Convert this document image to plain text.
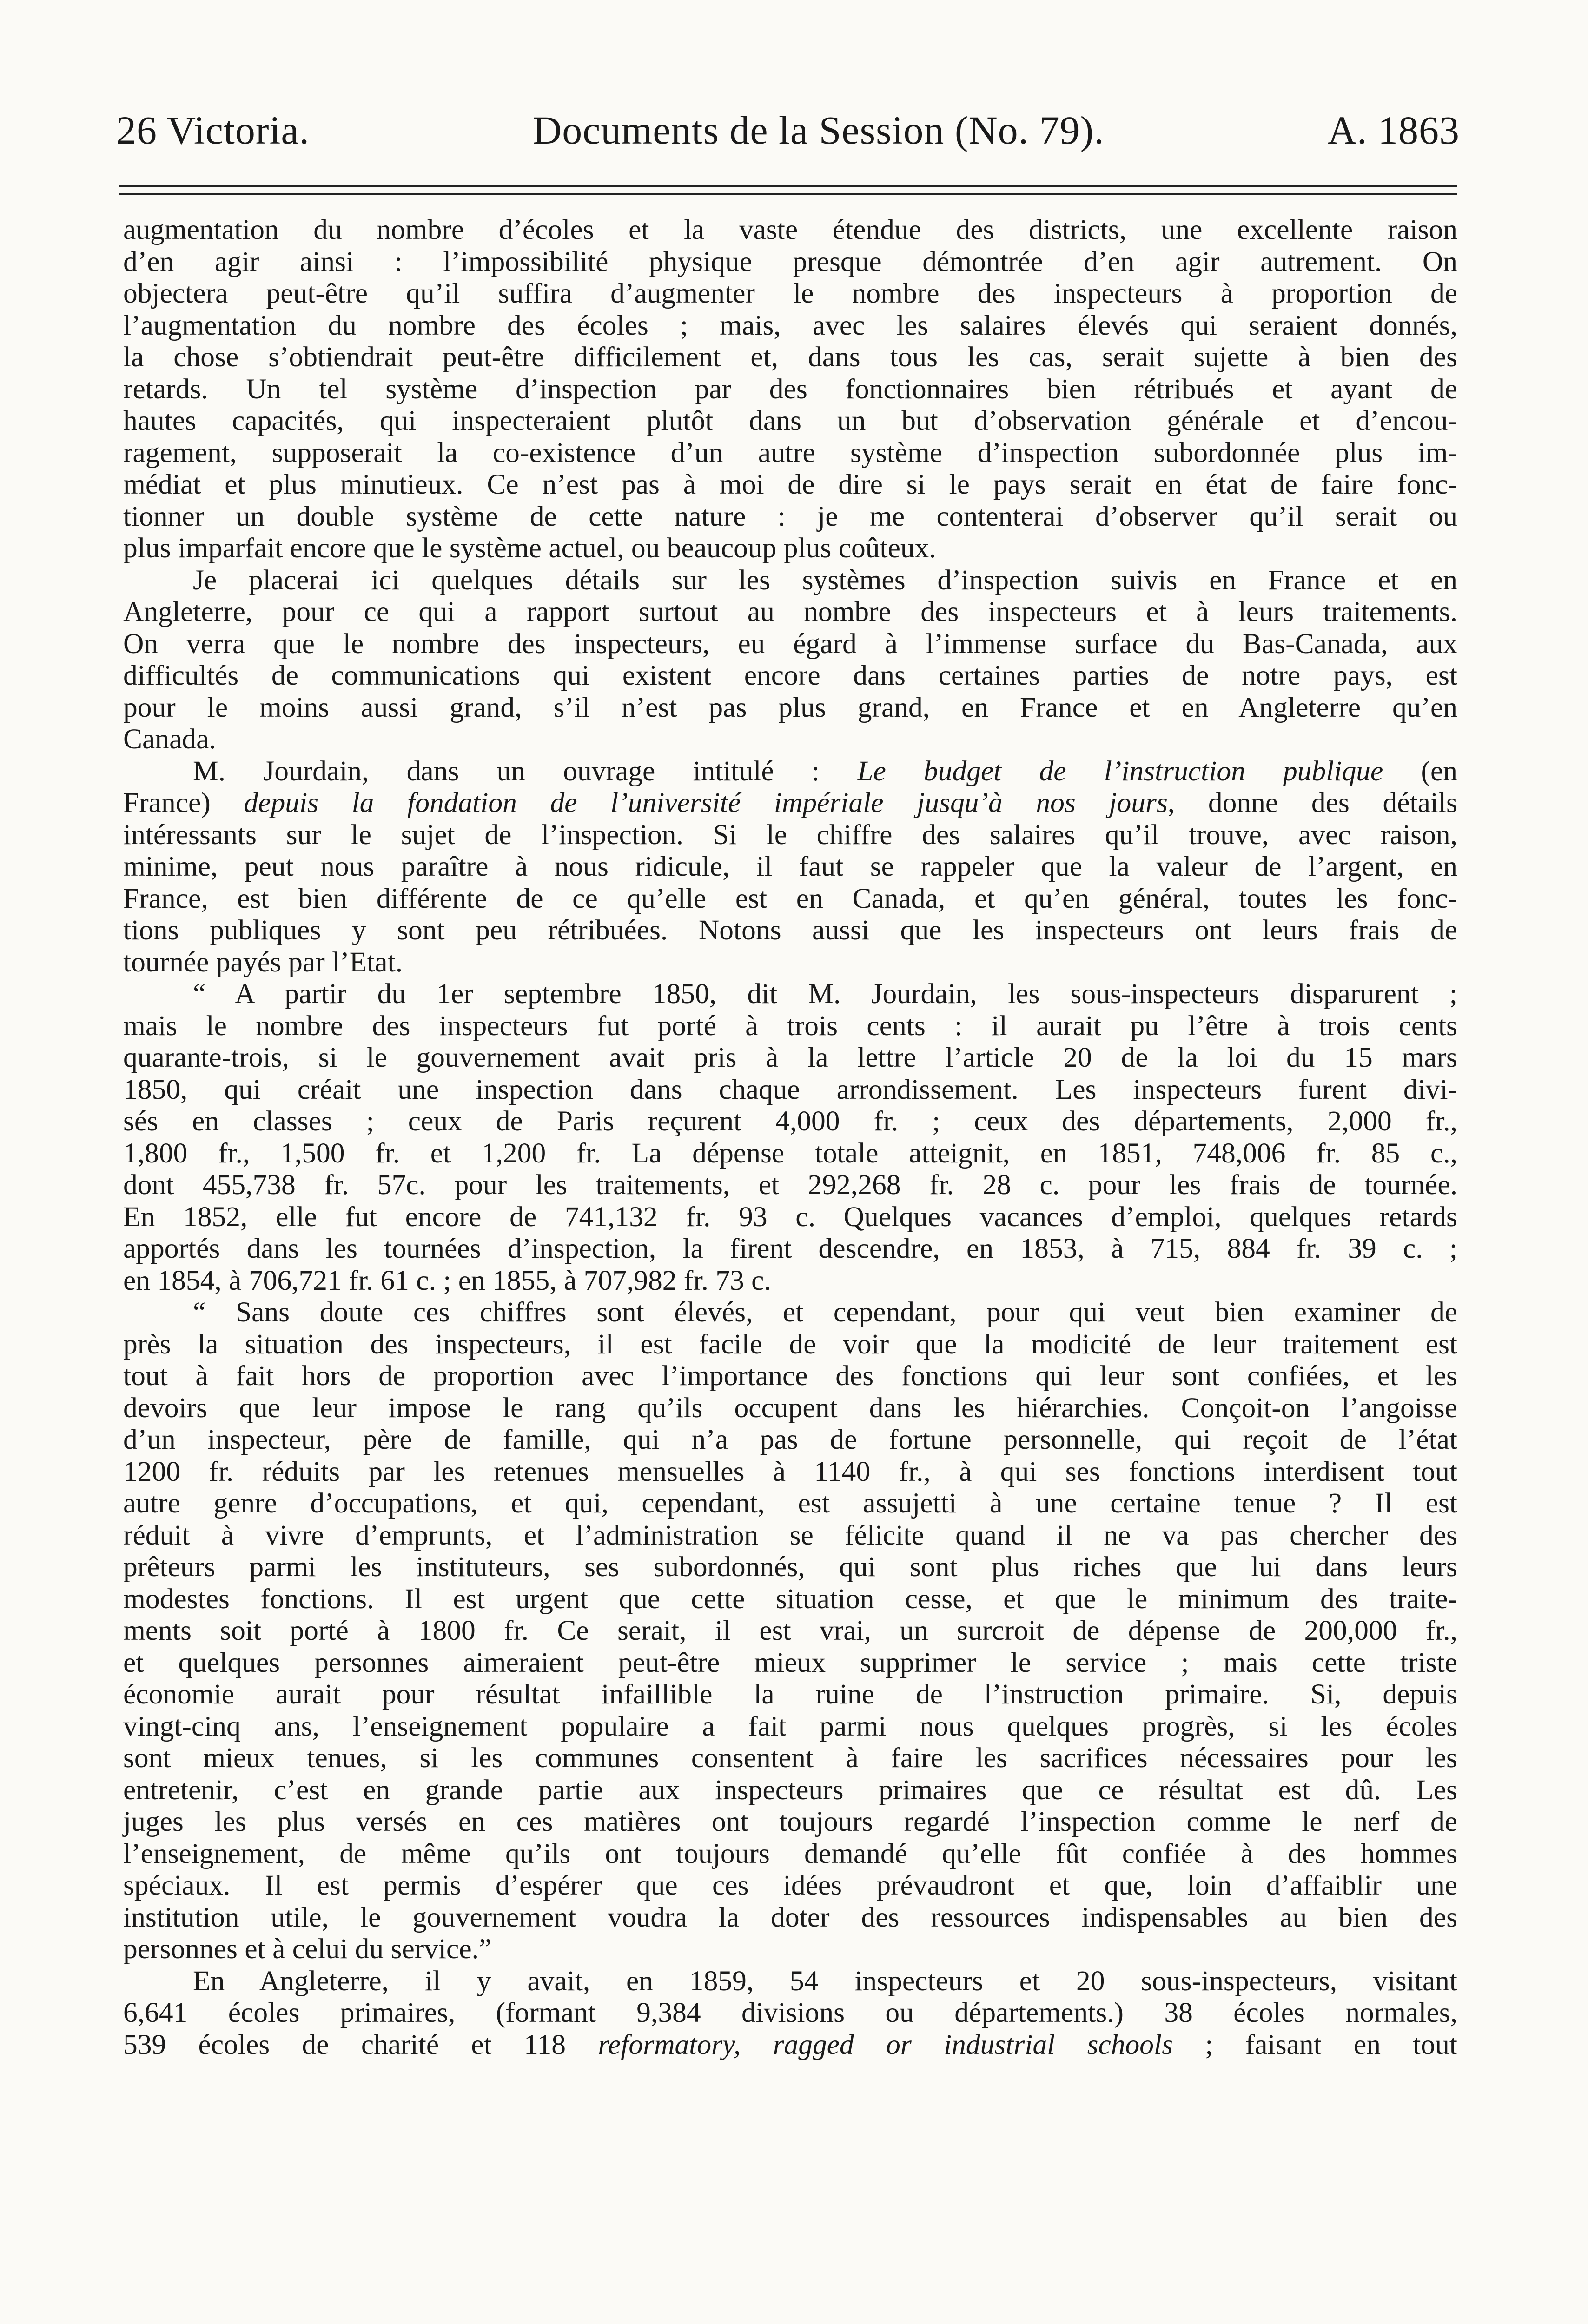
26 Victoria.	Documents de la Session (No. 79).	A. 1863
augmentation du nombre d’écoles et la vaste étendue des districts, une excellente raison
d’en agir ainsi : l’impossibilité physique presque démontrée d’en agir autrement. On
objectera peut-être qu’il suffira d’augmenter le nombre des inspecteurs à proportion de
l’augmentation du nombre des écoles ; mais, avec les salaires élevés qui seraient donnés,
la chose s’obtiendrait peut-être difficilement et, dans tous les cas, serait sujette à bien des
retards. Un tel système d’inspection par des fonctionnaires bien rétribués et ayant de
hautes capacités, qui inspecteraient plutôt dans un but d’observation générale et d’encou-
ragement, supposerait la co-existence d’un autre système d’inspection subordonnée plus im-
médiat et plus minutieux. Ce n’est pas à moi de dire si le pays serait en état de faire fonc-
tionner un double système de cette nature : je me contenterai d’observer qu’il serait ou
plus imparfait encore que le système actuel, ou beaucoup plus coûteux.
Je placerai ici quelques détails sur les systèmes d’inspection suivis en France et en
Angleterre, pour ce qui a rapport surtout au nombre des inspecteurs et à leurs traitements.
On verra que le nombre des inspecteurs, eu égard à l’immense surface du Bas-Canada, aux
difficultés de communications qui existent encore dans certaines parties de notre pays, est
pour le moins aussi grand, s’il n’est pas plus grand, en France et en Angleterre qu’en
Canada.
M. Jourdain, dans un ouvrage intitulé : Le budget de l’instruction publique (en
France) depuis la fondation de l’université impériale jusqu’à nos jours, donne des détails
intéressants sur le sujet de l’inspection. Si le chiffre des salaires qu’il trouve, avec raison,
minime, peut nous paraître à nous ridicule, il faut se rappeler que la valeur de l’argent, en
France, est bien différente de ce qu’elle est en Canada, et qu’en général, toutes les fonc-
tions publiques y sont peu rétribuées. Notons aussi que les inspecteurs ont leurs frais de
tournée payés par l’Etat.
“ A partir du 1er septembre 1850, dit M. Jourdain, les sous-inspecteurs disparurent ;
mais le nombre des inspecteurs fut porté à trois cents : il aurait pu l’être à trois cents
quarante-trois, si le gouvernement avait pris à la lettre l’article 20 de la loi du 15 mars
1850, qui créait une inspection dans chaque arrondissement. Les inspecteurs furent divi-
sés en classes ; ceux de Paris reçurent 4,000 fr. ; ceux des départements, 2,000 fr.,
1,800 fr., 1,500 fr. et 1,200 fr. La dépense totale atteignit, en 1851, 748,006 fr. 85 c.,
dont 455,738 fr. 57c. pour les traitements, et 292,268 fr. 28 c. pour les frais de tournée.
En 1852, elle fut encore de 741,132 fr. 93 c. Quelques vacances d’emploi, quelques retards
apportés dans les tournées d’inspection, la firent descendre, en 1853, à 715, 884 fr. 39 c. ;
en 1854, à 706,721 fr. 61 c. ; en 1855, à 707,982 fr. 73 c.
“ Sans doute ces chiffres sont élevés, et cependant, pour qui veut bien examiner de
près la situation des inspecteurs, il est facile de voir que la modicité de leur traitement est
tout à fait hors de proportion avec l’importance des fonctions qui leur sont confiées, et les
devoirs que leur impose le rang qu’ils occupent dans les hiérarchies. Conçoit-on l’angoisse
d’un inspecteur, père de famille, qui n’a pas de fortune personnelle, qui reçoit de l’état
1200 fr. réduits par les retenues mensuelles à 1140 fr., à qui ses fonctions interdisent tout
autre genre d’occupations, et qui, cependant, est assujetti à une certaine tenue ? Il est
réduit à vivre d’emprunts, et l’administration se félicite quand il ne va pas chercher des
prêteurs parmi les instituteurs, ses subordonnés, qui sont plus riches que lui dans leurs
modestes fonctions. Il est urgent que cette situation cesse, et que le minimum des traite-
ments soit porté à 1800 fr. Ce serait, il est vrai, un surcroit de dépense de 200,000 fr.,
et quelques personnes aimeraient peut-être mieux supprimer le service ; mais cette triste
économie aurait pour résultat infaillible la ruine de l’instruction primaire. Si, depuis
vingt-cinq ans, l’enseignement populaire a fait parmi nous quelques progrès, si les écoles
sont mieux tenues, si les communes consentent à faire les sacrifices nécessaires pour les
entretenir, c’est en grande partie aux inspecteurs primaires que ce résultat est dû. Les
juges les plus versés en ces matières ont toujours regardé l’inspection comme le nerf de
l’enseignement, de même qu’ils ont toujours demandé qu’elle fût confiée à des hommes
spéciaux. Il est permis d’espérer que ces idées prévaudront et que, loin d’affaiblir une
institution utile, le gouvernement voudra la doter des ressources indispensables au bien des
personnes et à celui du service.”
En Angleterre, il y avait, en 1859, 54 inspecteurs et 20 sous-inspecteurs, visitant
6,641 écoles primaires, (formant 9,384 divisions ou départements.) 38 écoles normales,
539 écoles de charité et 118 reformatory, ragged or industrial schools ; faisant en tout
